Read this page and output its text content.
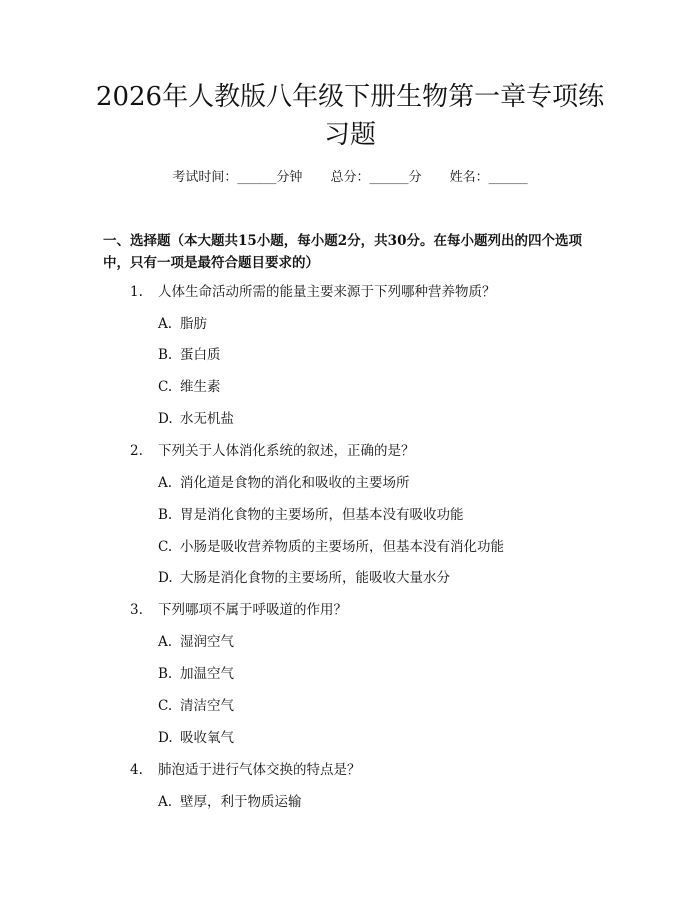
2026年人教版八年级下册生物第一章专项练习题
考试时间：______分钟 总分：______分 姓名：______

一、选择题（本大题共15小题，每小题2分，共30分。在每小题列出的四个选项中，只有一项是最符合题目要求的）

1. 人体生命活动所需的能量主要来源于下列哪种营养物质？
A. 脂肪
B. 蛋白质
C. 维生素
D. 水无机盐
2. 下列关于人体消化系统的叙述，正确的是？
A. 消化道是食物的消化和吸收的主要场所
B. 胃是消化食物的主要场所，但基本没有吸收功能
C. 小肠是吸收营养物质的主要场所，但基本没有消化功能
D. 大肠是消化食物的主要场所，能吸收大量水分
3. 下列哪项不属于呼吸道的作用？
A. 湿润空气
B. 加温空气
C. 清洁空气
D. 吸收氧气
4. 肺泡适于进行气体交换的特点是？
A. 壁厚，利于物质运输
